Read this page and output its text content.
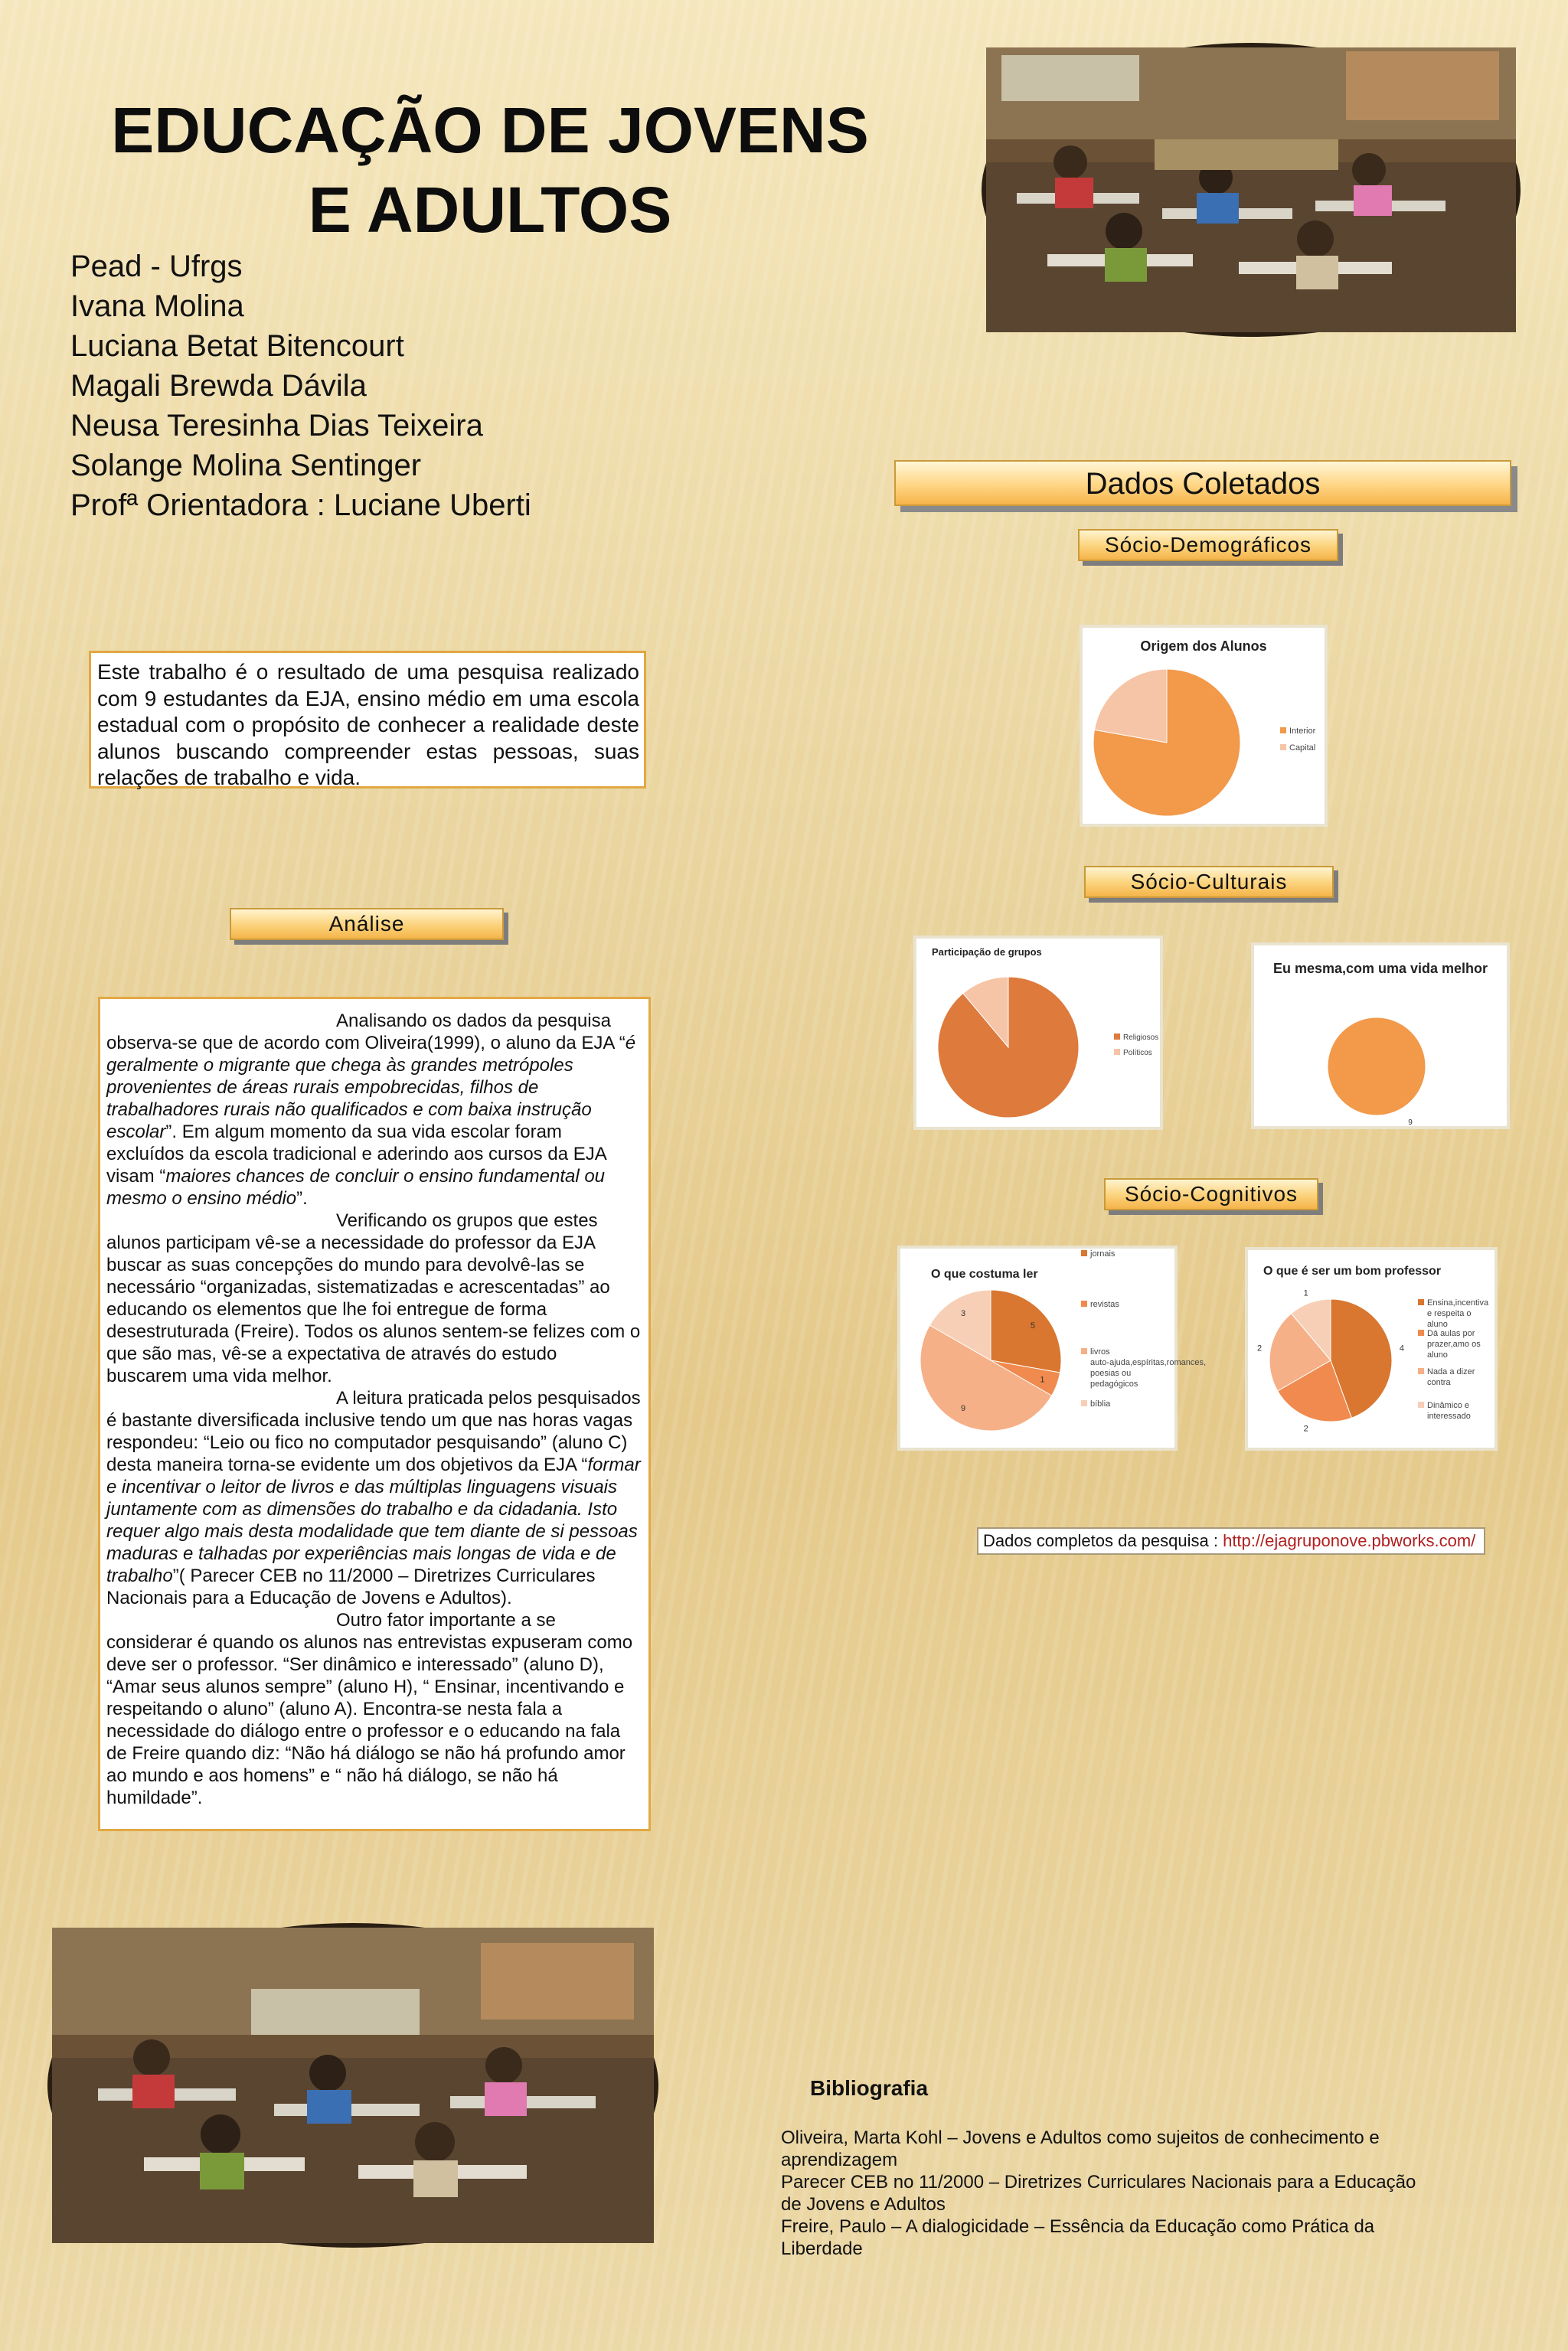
EDUCAÇÃO DE JOVENS
E ADULTOS
Pead - Ufrgs
Ivana Molina
Luciana Betat Bitencourt
Magali Brewda Dávila
Neusa Teresinha Dias Teixeira
Solange Molina Sentinger
Profª Orientadora : Luciane Uberti
Este trabalho é o resultado de uma pesquisa realizado com 9 estudantes da EJA, ensino médio em uma escola estadual com o propósito de conhecer a realidade deste alunos buscando compreender estas pessoas, suas relações de trabalho e vida.
Análise

Analisando os dados da pesquisa observa-se que de acordo com Oliveira(1999), o aluno da EJA “é geralmente o migrante que chega às grandes metrópoles provenientes de áreas rurais empobrecidas, filhos de trabalhadores rurais não qualificados e com baixa instrução escolar”. Em algum momento da sua vida escolar foram excluídos da escola tradicional e aderindo aos cursos da EJA visam “maiores chances de concluir o ensino fundamental ou mesmo o ensino médio”.

Verificando os grupos que estes alunos participam vê-se a necessidade do professor da EJA buscar as suas concepções do mundo para devolvê-las se necessário “organizadas, sistematizadas e acrescentadas” ao educando os elementos que lhe foi entregue de forma desestruturada (Freire). Todos os alunos sentem-se felizes com o que são mas, vê-se a expectativa de através do estudo buscarem uma vida melhor.

A leitura praticada pelos pesquisados é bastante diversificada inclusive tendo um que nas horas vagas respondeu: “Leio ou fico no computador pesquisando” (aluno C) desta maneira torna-se evidente um dos objetivos da EJA “formar e incentivar o leitor de livros e das múltiplas linguagens visuais juntamente com as dimensões do trabalho e da cidadania. Isto requer algo mais desta modalidade que tem diante de si pessoas maduras e talhadas por experiências mais longas de vida e de trabalho”( Parecer CEB no 11/2000 – Diretrizes Curriculares Nacionais para a Educação de Jovens e Adultos).

Outro fator importante a se considerar é quando os alunos nas entrevistas expuseram como deve ser o professor. “Ser dinâmico e interessado” (aluno D), “Amar seus alunos sempre” (aluno H), “ Ensinar, incentivando e respeitando o aluno” (aluno A). Encontra-se nesta fala a necessidade do diálogo entre o professor e o educando na fala de Freire quando diz: “Não há diálogo se não há profundo amor ao mundo e aos homens” e “ não há diálogo, se não há humildade”.

Dados Coletados
Sócio-Demográficos
Origem dos Alunos
Interior
Capital
Sócio-Culturais
Participação de grupos
Religiosos
Políticos
Eu mesma,com uma vida melhor
9
Sócio-Cognitivos
O que costuma ler
5
1
9
3
jornais
revistas
livros auto-ajuda,espíritas,romances, poesias ou pedagógicos
bíblia
O que é ser um bom professor
4
2
2
1
Ensina,incentiva e respeita o aluno
Dá aulas por prazer,amo os aluno
Nada a dizer contra
Dinâmico e interessado
Dados completos da pesquisa : http://ejagruponove.pbworks.com/
Bibliografia
Oliveira, Marta Kohl – Jovens e Adultos como sujeitos de conhecimento e aprendizagem
Parecer CEB no 11/2000 – Diretrizes Curriculares Nacionais para a Educação de Jovens e Adultos
Freire, Paulo – A dialogicidade – Essência da Educação como Prática da Liberdade
